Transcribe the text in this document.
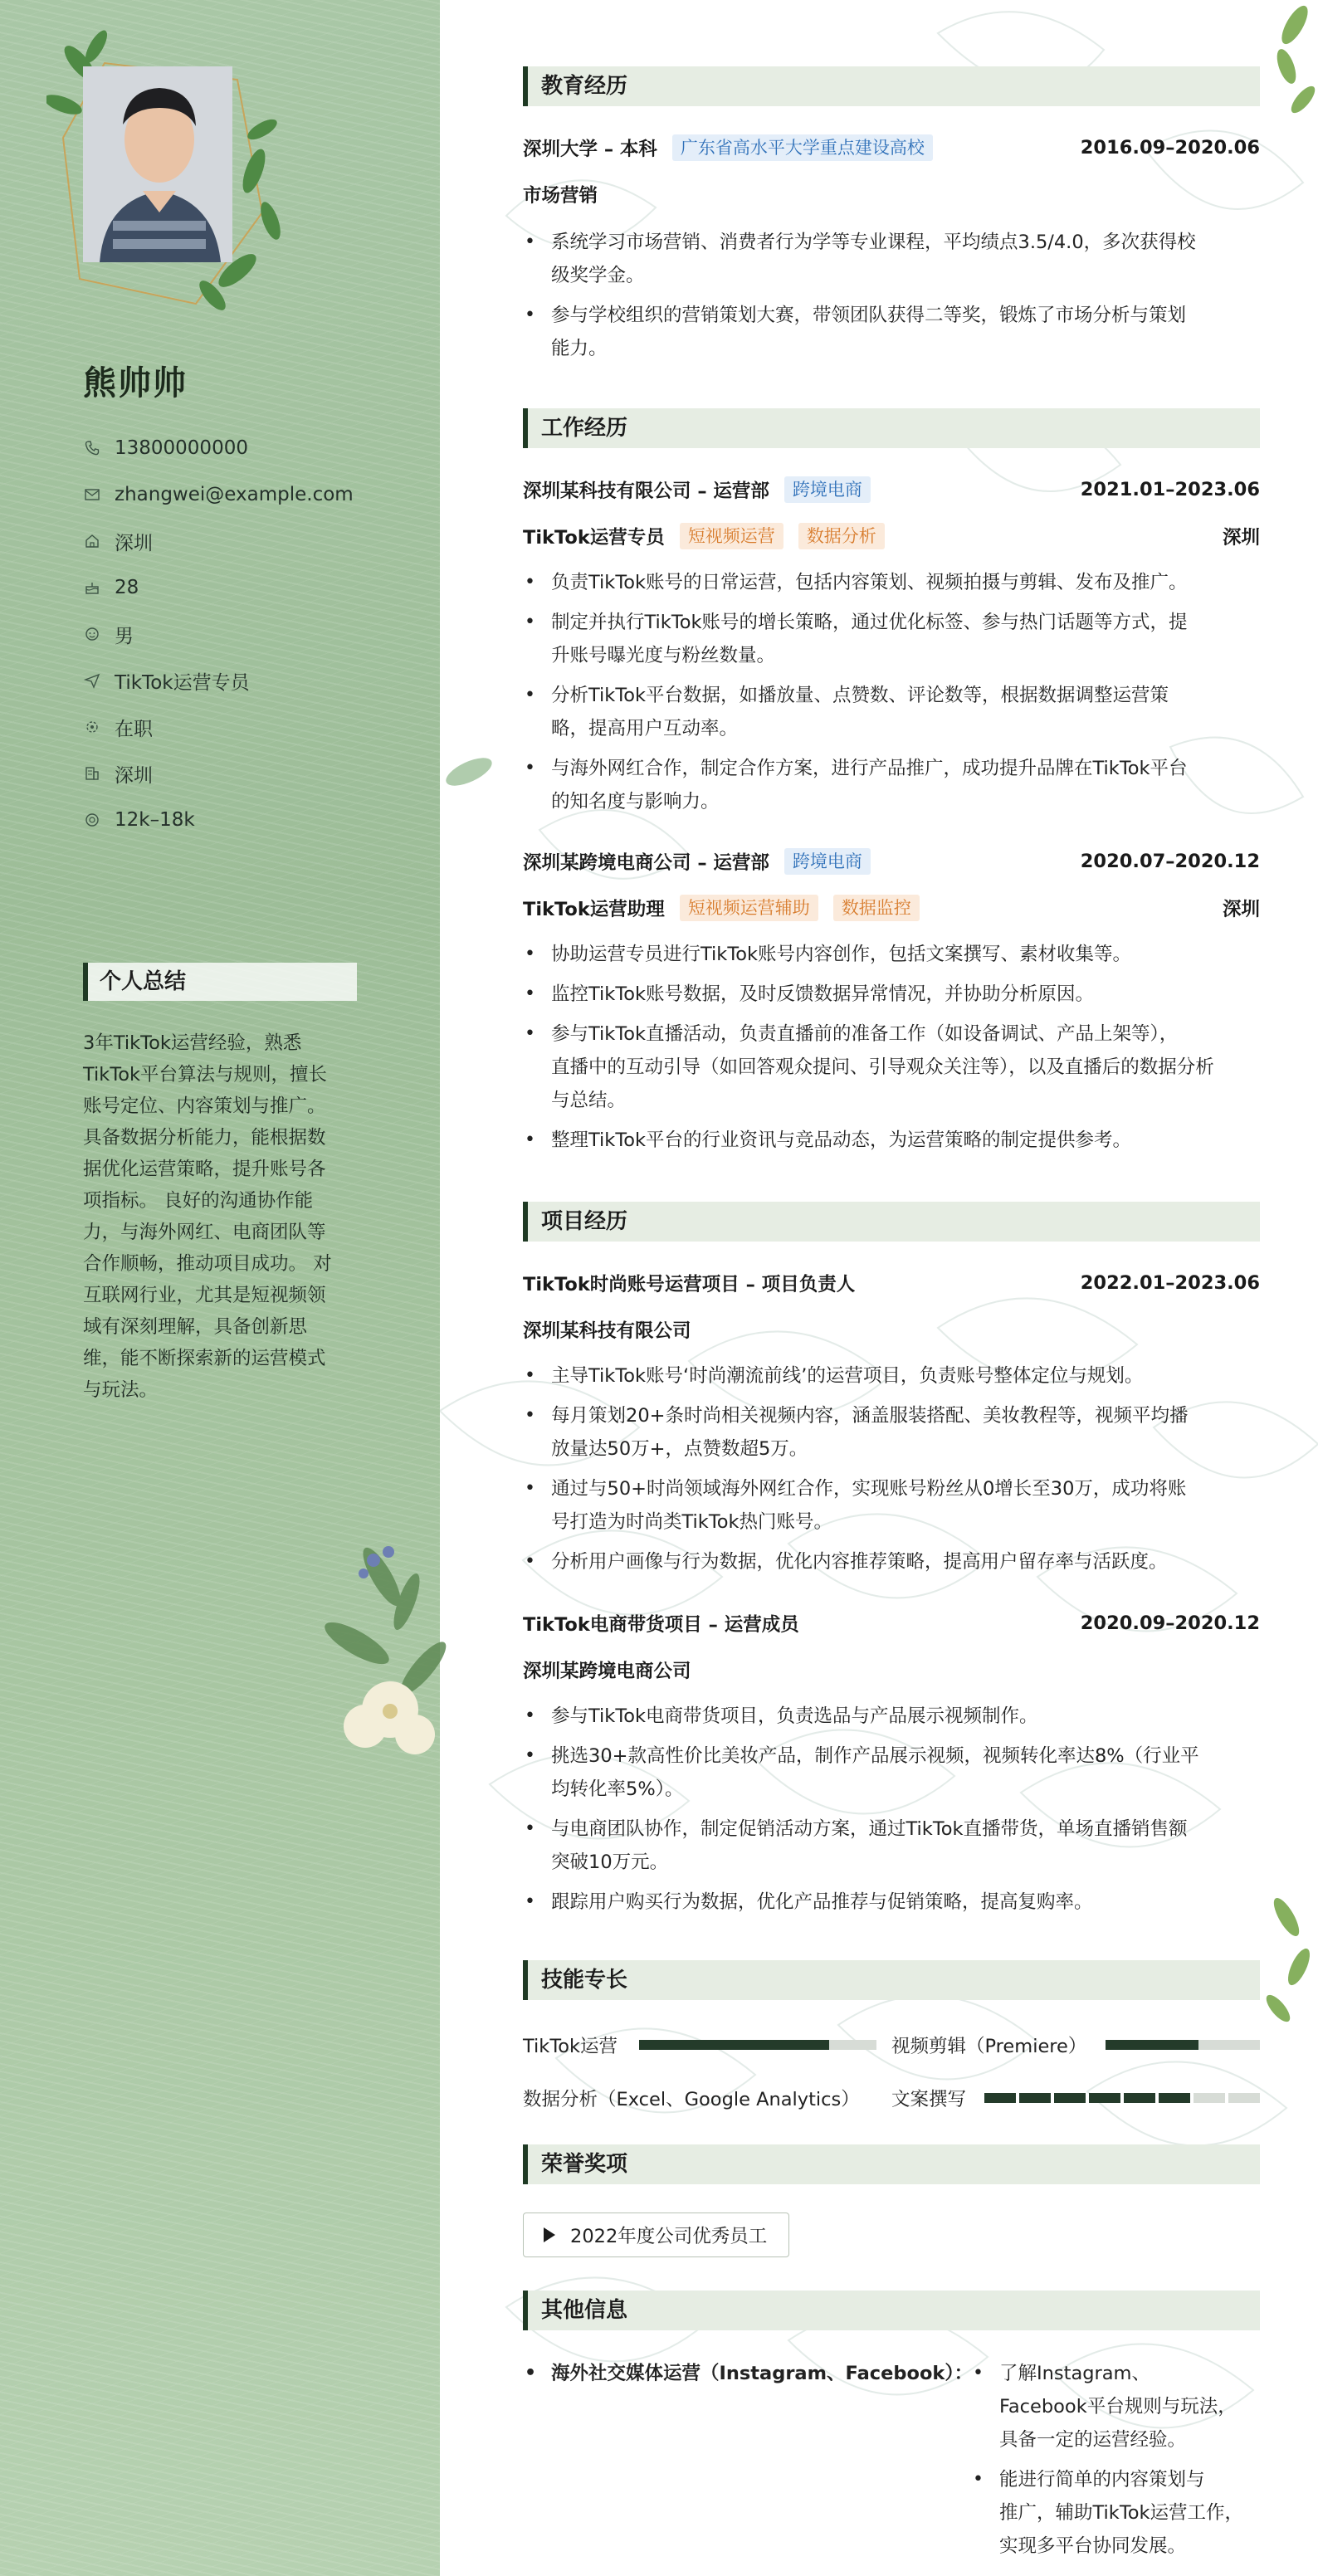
熊帅帅
13800000000
zhangwei@example.com
深圳
28
男
TikTok运营专员
在职
深圳
12k–18k
个人总结
3年TikTok运营经验，熟悉
TikTok平台算法与规则，擅长
账号定位、内容策划与推广。
具备数据分析能力，能根据数
据优化运营策略，提升账号各
项指标。 良好的沟通协作能
力，与海外网红、电商团队等
合作顺畅，推动项目成功。 对
互联网行业，尤其是短视频领
域有深刻理解，具备创新思
维，能不断探索新的运营模式
与玩法。
教育经历
深圳大学 – 本科	广东省高水平大学重点建设高校	2016.09–2020.06
市场营销
• 系统学习市场营销、消费者行为学等专业课程，平均绩点3.5/4.0，多次获得校
级奖学金。
• 参与学校组织的营销策划大赛，带领团队获得二等奖，锻炼了市场分析与策划
能力。
工作经历
深圳某科技有限公司 – 运营部	跨境电商	2021.01–2023.06
TikTok运营专员	短视频运营	数据分析	深圳
• 负责TikTok账号的日常运营，包括内容策划、视频拍摄与剪辑、发布及推广。
• 制定并执行TikTok账号的增长策略，通过优化标签、参与热门话题等方式，提
升账号曝光度与粉丝数量。
• 分析TikTok平台数据，如播放量、点赞数、评论数等，根据数据调整运营策
略，提高用户互动率。
• 与海外网红合作，制定合作方案，进行产品推广，成功提升品牌在TikTok平台
的知名度与影响力。
深圳某跨境电商公司 – 运营部	跨境电商	2020.07–2020.12
TikTok运营助理	短视频运营辅助	数据监控	深圳
• 协助运营专员进行TikTok账号内容创作，包括文案撰写、素材收集等。
• 监控TikTok账号数据，及时反馈数据异常情况，并协助分析原因。
• 参与TikTok直播活动，负责直播前的准备工作（如设备调试、产品上架等），
直播中的互动引导（如回答观众提问、引导观众关注等），以及直播后的数据分析
与总结。
• 整理TikTok平台的行业资讯与竞品动态，为运营策略的制定提供参考。
项目经历
TikTok时尚账号运营项目 – 项目负责人	2022.01–2023.06
深圳某科技有限公司
• 主导TikTok账号‘时尚潮流前线’的运营项目，负责账号整体定位与规划。
• 每月策划20+条时尚相关视频内容，涵盖服装搭配、美妆教程等，视频平均播
放量达50万+，点赞数超5万。
• 通过与50+时尚领域海外网红合作，实现账号粉丝从0增长至30万，成功将账
号打造为时尚类TikTok热门账号。
• 分析用户画像与行为数据，优化内容推荐策略，提高用户留存率与活跃度。
TikTok电商带货项目 – 运营成员	2020.09–2020.12
深圳某跨境电商公司
• 参与TikTok电商带货项目，负责选品与产品展示视频制作。
• 挑选30+款高性价比美妆产品，制作产品展示视频，视频转化率达8%（行业平
均转化率5%）。
• 与电商团队协作，制定促销活动方案，通过TikTok直播带货，单场直播销售额
突破10万元。
• 跟踪用户购买行为数据，优化产品推荐与促销策略，提高复购率。
技能专长
TikTok运营	视频剪辑（Premiere）
数据分析（Excel、Google Analytics） 文案撰写
荣誉奖项
2022年度公司优秀员工
其他信息
• 海外社交媒体运营（Instagram、Facebook）：
•	了解Instagram、
Facebook平台规则与玩法，
具备一定的运营经验。
• 能进行简单的内容策划与
推广，辅助TikTok运营工作，
实现多平台协同发展。
